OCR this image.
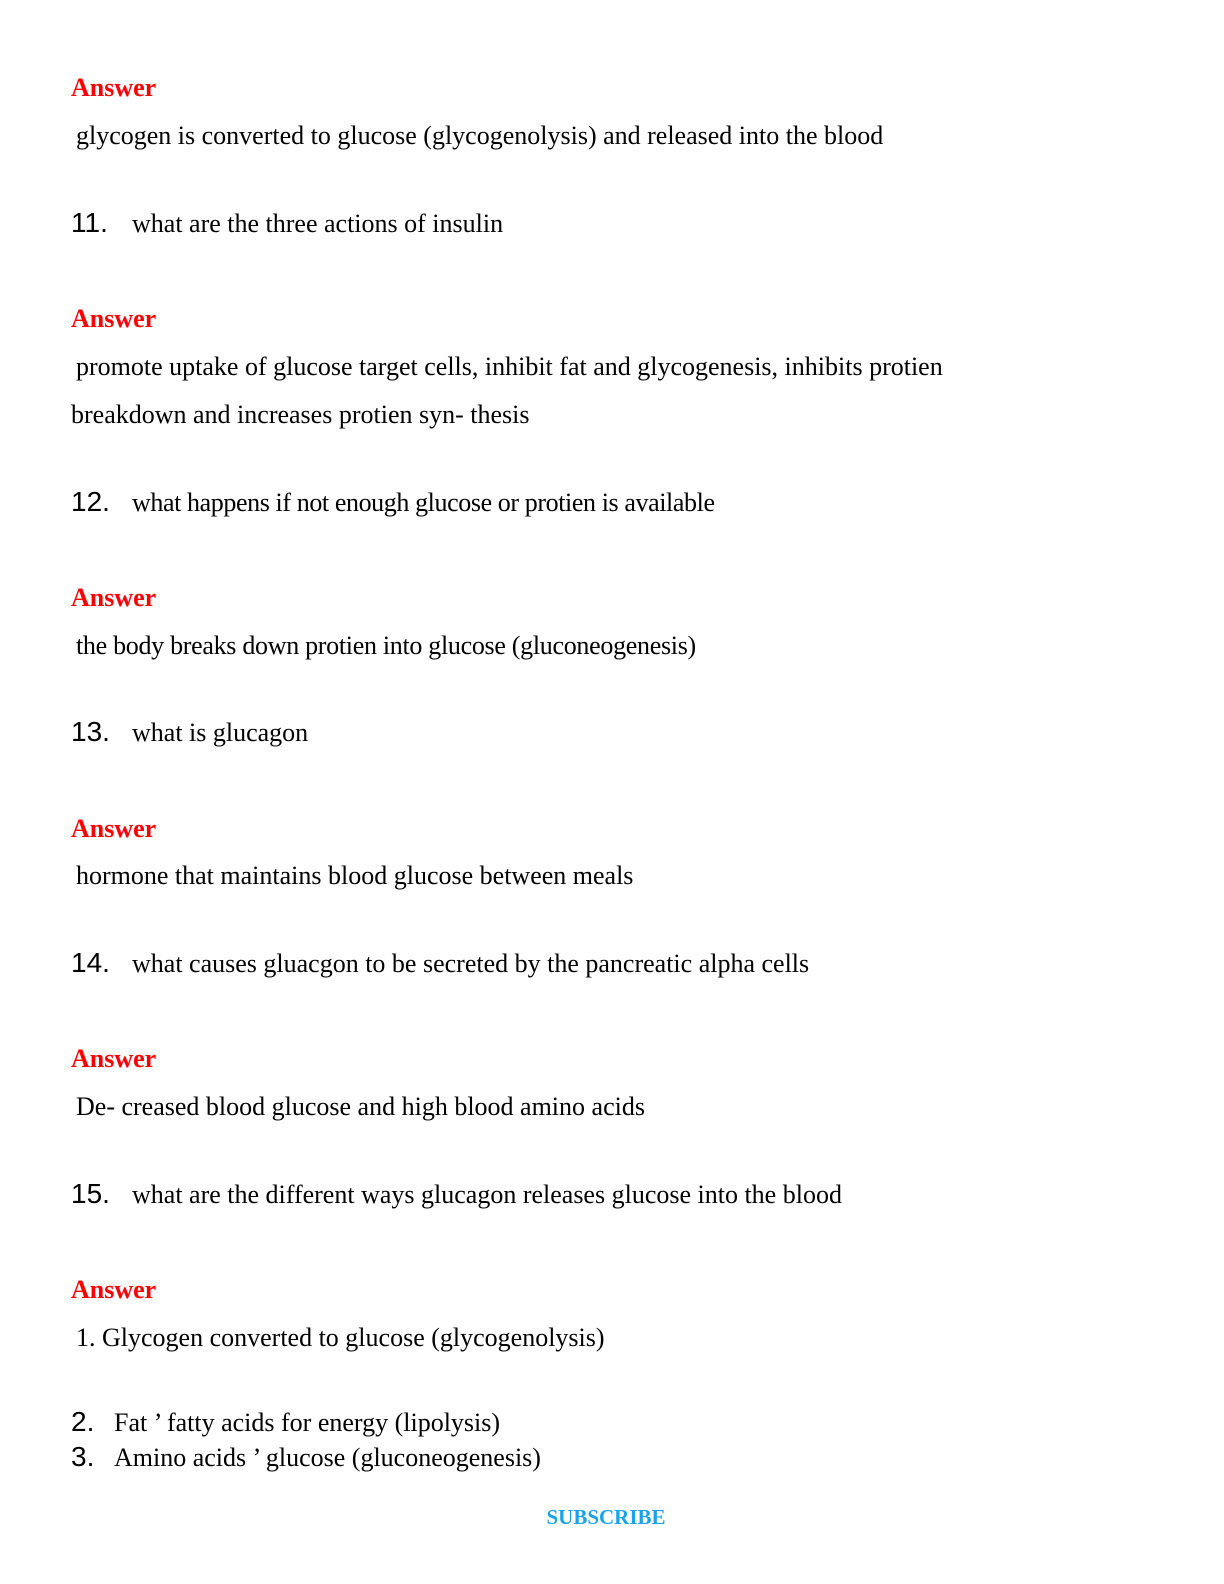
Answer
glycogen is converted to glucose (glycogenolysis) and released into the blood
11. what are the three actions of insulin
Answer
promote uptake of glucose target cells, inhibit fat and glycogenesis, inhibits protien
breakdown and increases protien syn- thesis
12. what happens if not enough glucose or protien is available
Answer
the body breaks down protien into glucose (gluconeogenesis)
13. what is glucagon
Answer
hormone that maintains blood glucose between meals
14. what causes gluacgon to be secreted by the pancreatic alpha cells
Answer
De- creased blood glucose and high blood amino acids
15. what are the different ways glucagon releases glucose into the blood
Answer
1. Glycogen converted to glucose (glycogenolysis)
2. Fat ’ fatty acids for energy (lipolysis)
3. Amino acids ’ glucose (gluconeogenesis)
SUBSCRIBE
